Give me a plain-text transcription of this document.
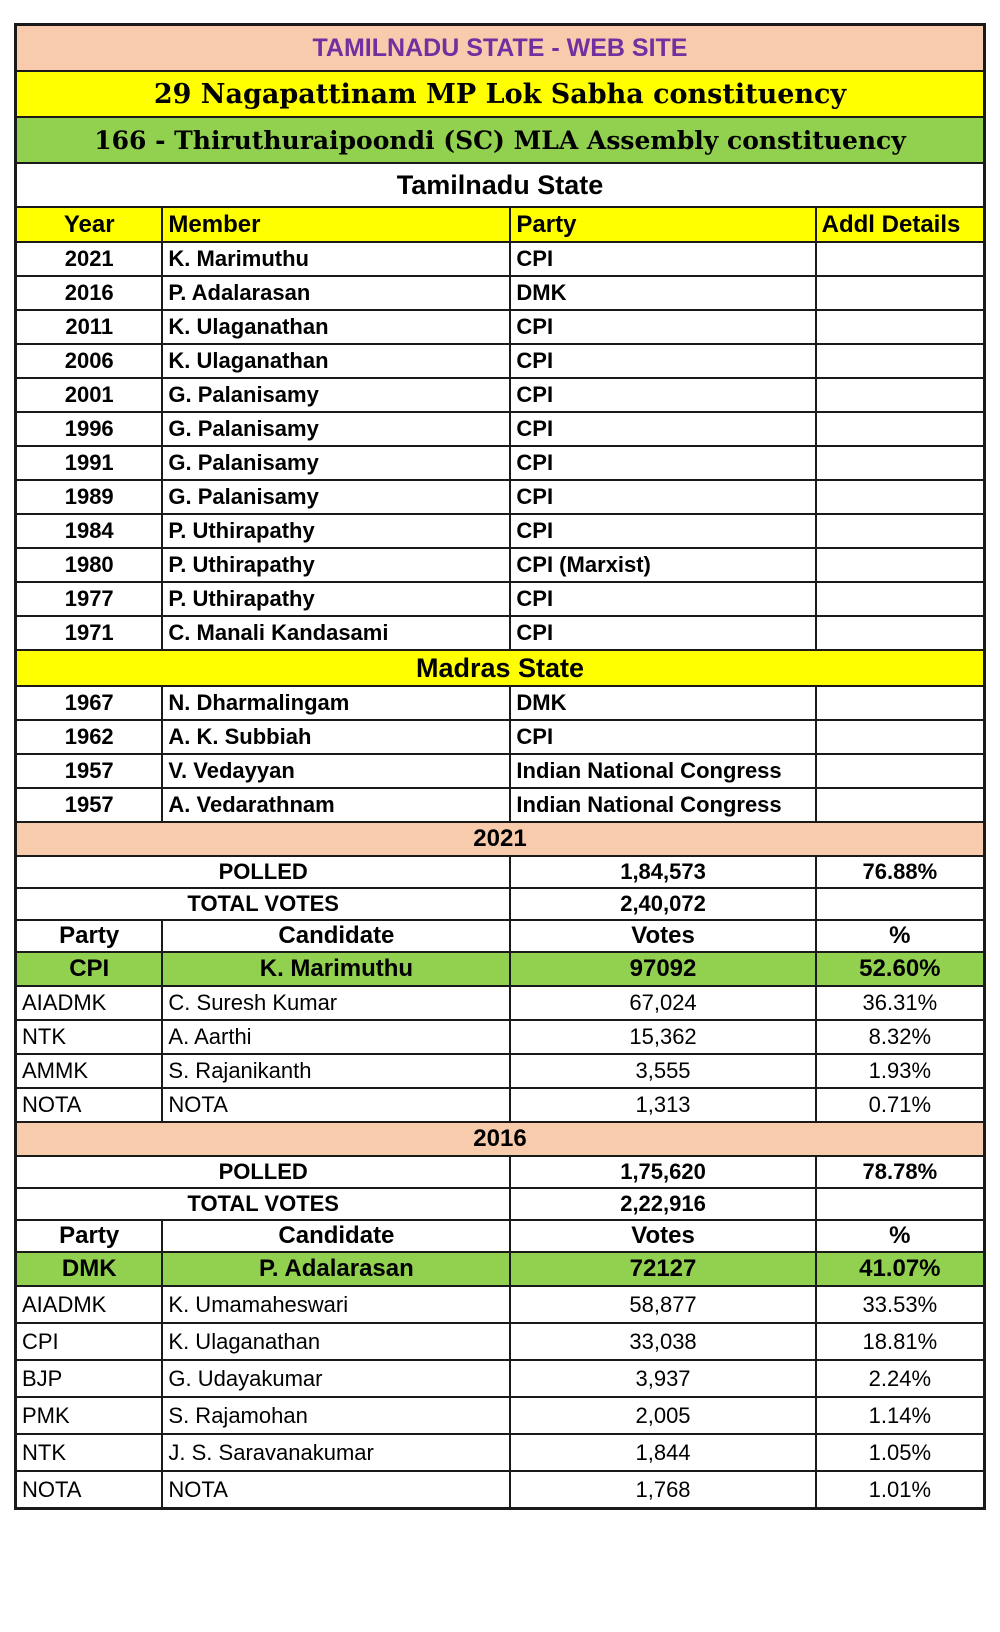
TAMILNADU STATE - WEB SITE			
29 Nagapattinam MP Lok Sabha constituency			
166 - Thiruthuraipoondi (SC) MLA Assembly constituency			
Tamilnadu State			
Year	Member	Party	Addl Details
2021	K. Marimuthu	CPI	
2016	P. Adalarasan	DMK	
2011	K. Ulaganathan	CPI	
2006	K. Ulaganathan	CPI	
2001	G. Palanisamy	CPI	
1996	G. Palanisamy	CPI	
1991	G. Palanisamy	CPI	
1989	G. Palanisamy	CPI	
1984	P. Uthirapathy	CPI	
1980	P. Uthirapathy	CPI (Marxist)	
1977	P. Uthirapathy	CPI	
1971	C. Manali Kandasami	CPI	
Madras State			
1967	N. Dharmalingam	DMK	
1962	A. K. Subbiah	CPI	
1957	V. Vedayyan	Indian National Congress	
1957	A. Vedarathnam	Indian National Congress	
2021			
POLLED		1,84,573	76.88%
TOTAL VOTES		2,40,072	
Party	Candidate	Votes	%
CPI	K. Marimuthu	97092	52.60%
AIADMK	C. Suresh Kumar	67,024	36.31%
NTK	A. Aarthi	15,362	8.32%
AMMK	S. Rajanikanth	3,555	1.93%
NOTA	NOTA	1,313	0.71%
2016			
POLLED		1,75,620	78.78%
TOTAL VOTES		2,22,916	
Party	Candidate	Votes	%
DMK	P. Adalarasan	72127	41.07%
AIADMK	K. Umamaheswari	58,877	33.53%
CPI	K. Ulaganathan	33,038	18.81%
BJP	G. Udayakumar	3,937	2.24%
PMK	S. Rajamohan	2,005	1.14%
NTK	J. S. Saravanakumar	1,844	1.05%
NOTA	NOTA	1,768	1.01%
